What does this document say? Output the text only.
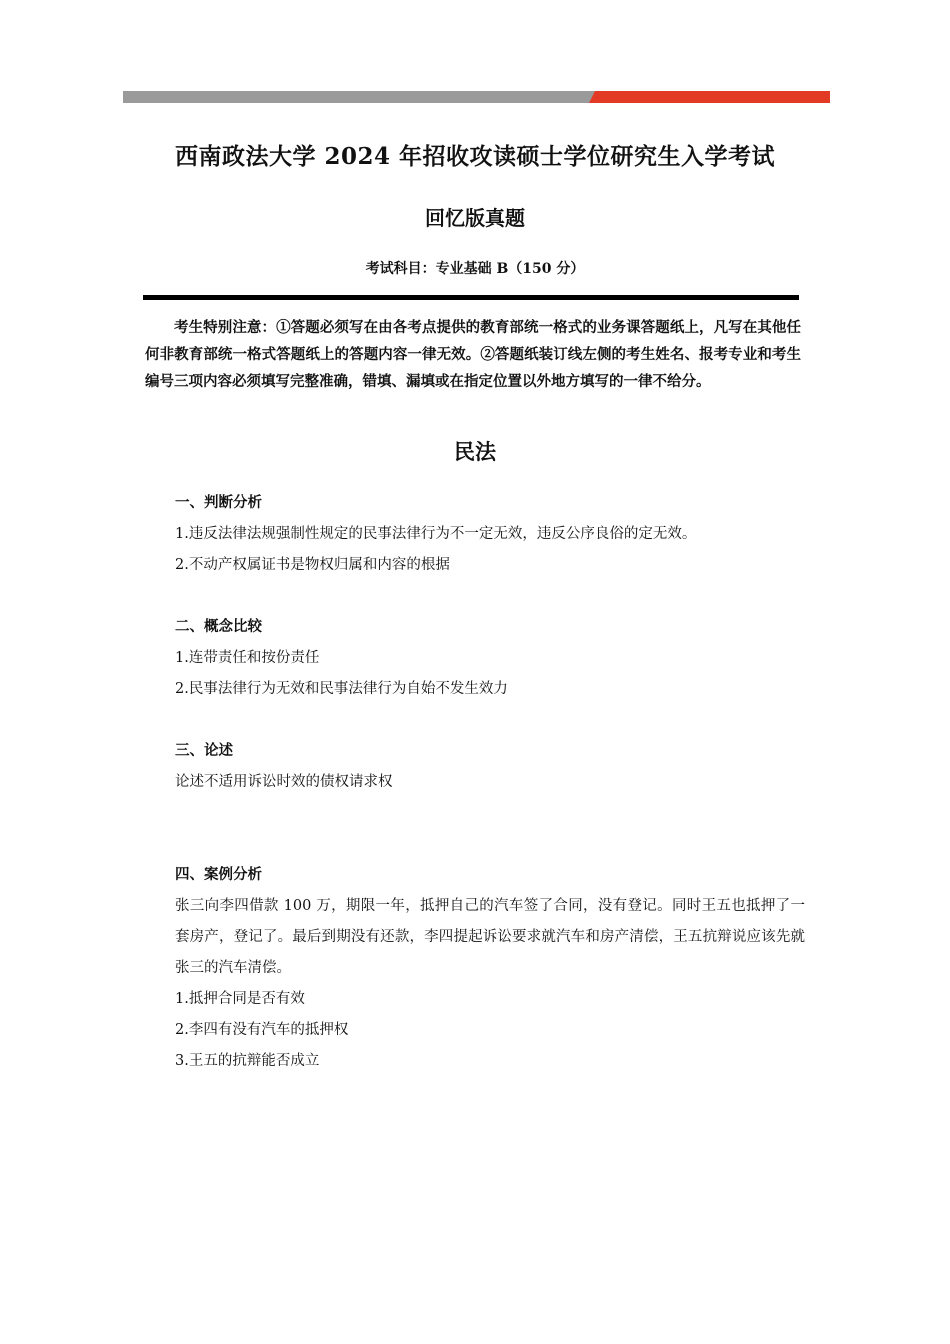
西南政法大学 2024 年招收攻读硕士学位研究生入学考试
回忆版真题
考试科目：专业基础 B（150 分）
考生特别注意：①答题必须写在由各考点提供的教育部统一格式的业务课答题纸上，凡写在其他任何非教育部统一格式答题纸上的答题内容一律无效。②答题纸装订线左侧的考生姓名、报考专业和考生编号三项内容必须填写完整准确，错填、漏填或在指定位置以外地方填写的一律不给分。
民法
一、判断分析
1.违反法律法规强制性规定的民事法律行为不一定无效，违反公序良俗的定无效。
2.不动产权属证书是物权归属和内容的根据
二、概念比较
1.连带责任和按份责任
2.民事法律行为无效和民事法律行为自始不发生效力
三、论述
论述不适用诉讼时效的债权请求权
四、案例分析
张三向李四借款 100 万，期限一年，抵押自己的汽车签了合同，没有登记。同时王五也抵押了一套房产，登记了。最后到期没有还款，李四提起诉讼要求就汽车和房产清偿，王五抗辩说应该先就张三的汽车清偿。
1.抵押合同是否有效
2.李四有没有汽车的抵押权
3.王五的抗辩能否成立
